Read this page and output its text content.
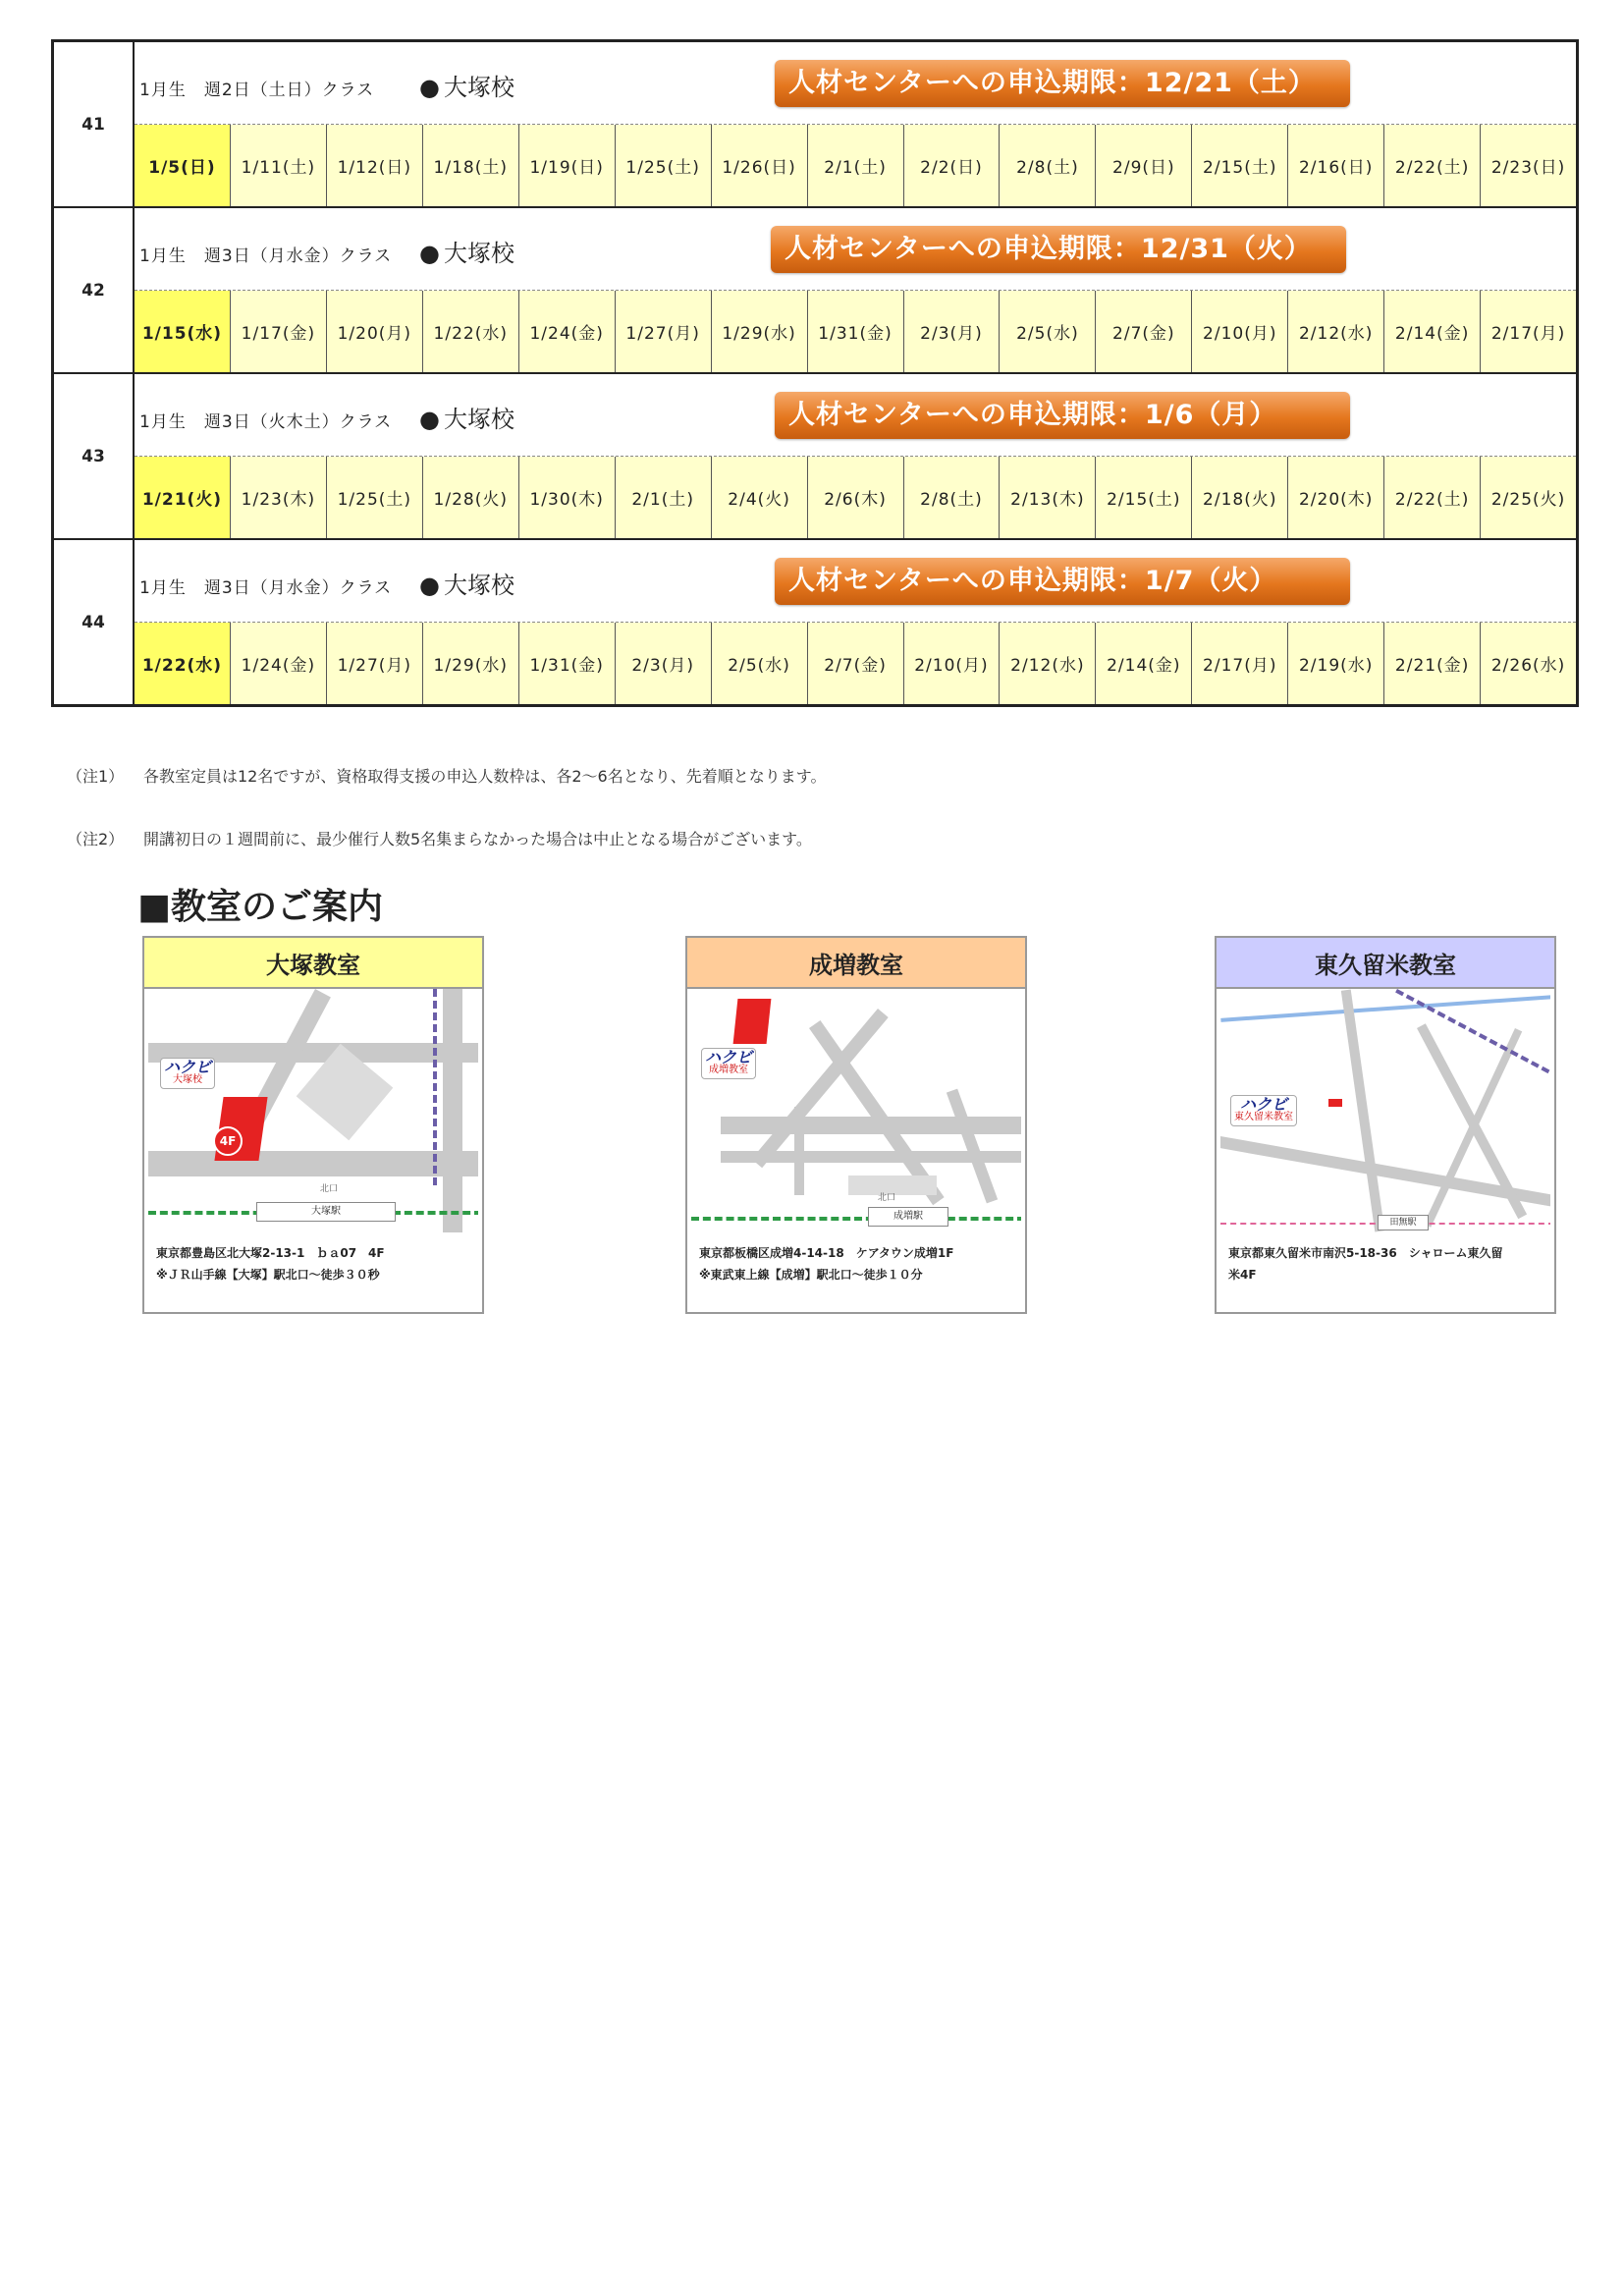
41
1月生　週2日（土日）クラス	● 大塚校	人材センターへの申込期限：12/21（土）
1/5(日)	1/11(土)	1/12(日)	1/18(土)	1/19(日)	1/25(土)	1/26(日)	2/1(土)	2/2(日)	2/8(土)	2/9(日)	2/15(土)	2/16(日)	2/22(土)	2/23(日)
42
1月生　週3日（月水金）クラス	● 大塚校	人材センターへの申込期限：12/31（火）
1/15(水)	1/17(金)	1/20(月)	1/22(水)	1/24(金)	1/27(月)	1/29(水)	1/31(金)	2/3(月)	2/5(水)	2/7(金)	2/10(月)	2/12(水)	2/14(金)	2/17(月)
43
1月生　週3日（火木土）クラス	● 大塚校	人材センターへの申込期限：1/6（月）
1/21(火)	1/23(木)	1/25(土)	1/28(火)	1/30(木)	2/1(土)	2/4(火)	2/6(木)	2/8(土)	2/13(木)	2/15(土)	2/18(火)	2/20(木)	2/22(土)	2/25(火)
44
1月生　週3日（月水金）クラス	● 大塚校	人材センターへの申込期限：1/7（火）
1/22(水)	1/24(金)	1/27(月)	1/29(水)	1/31(金)	2/3(月)	2/5(水)	2/7(金)	2/10(月)	2/12(水)	2/14(金)	2/17(月)	2/19(水)	2/21(金)	2/26(水)
（注1） 各教室定員は12名ですが、資格取得支援の申込人数枠は、各2～6名となり、先着順となります。
（注2） 開講初日の１週間前に、最少催行人数5名集まらなかった場合は中止となる場合がございます。
■教室のご案内
大塚教室
ハクビ
大塚校
4F
大塚駅
北口
東京都豊島区北大塚2-13-1　ｂａ07　4F
※ＪＲ山手線【大塚】駅北口～徒歩３０秒
成増教室
ハクビ
成増教室
成増駅
北口
東京都板橋区成増4-14-18　ケアタウン成増1F
※東武東上線【成増】駅北口～徒歩１０分
東久留米教室
ハクビ
東久留米教室
田無駅
東京都東久留米市南沢5-18-36　シャローム東久留
米4F
